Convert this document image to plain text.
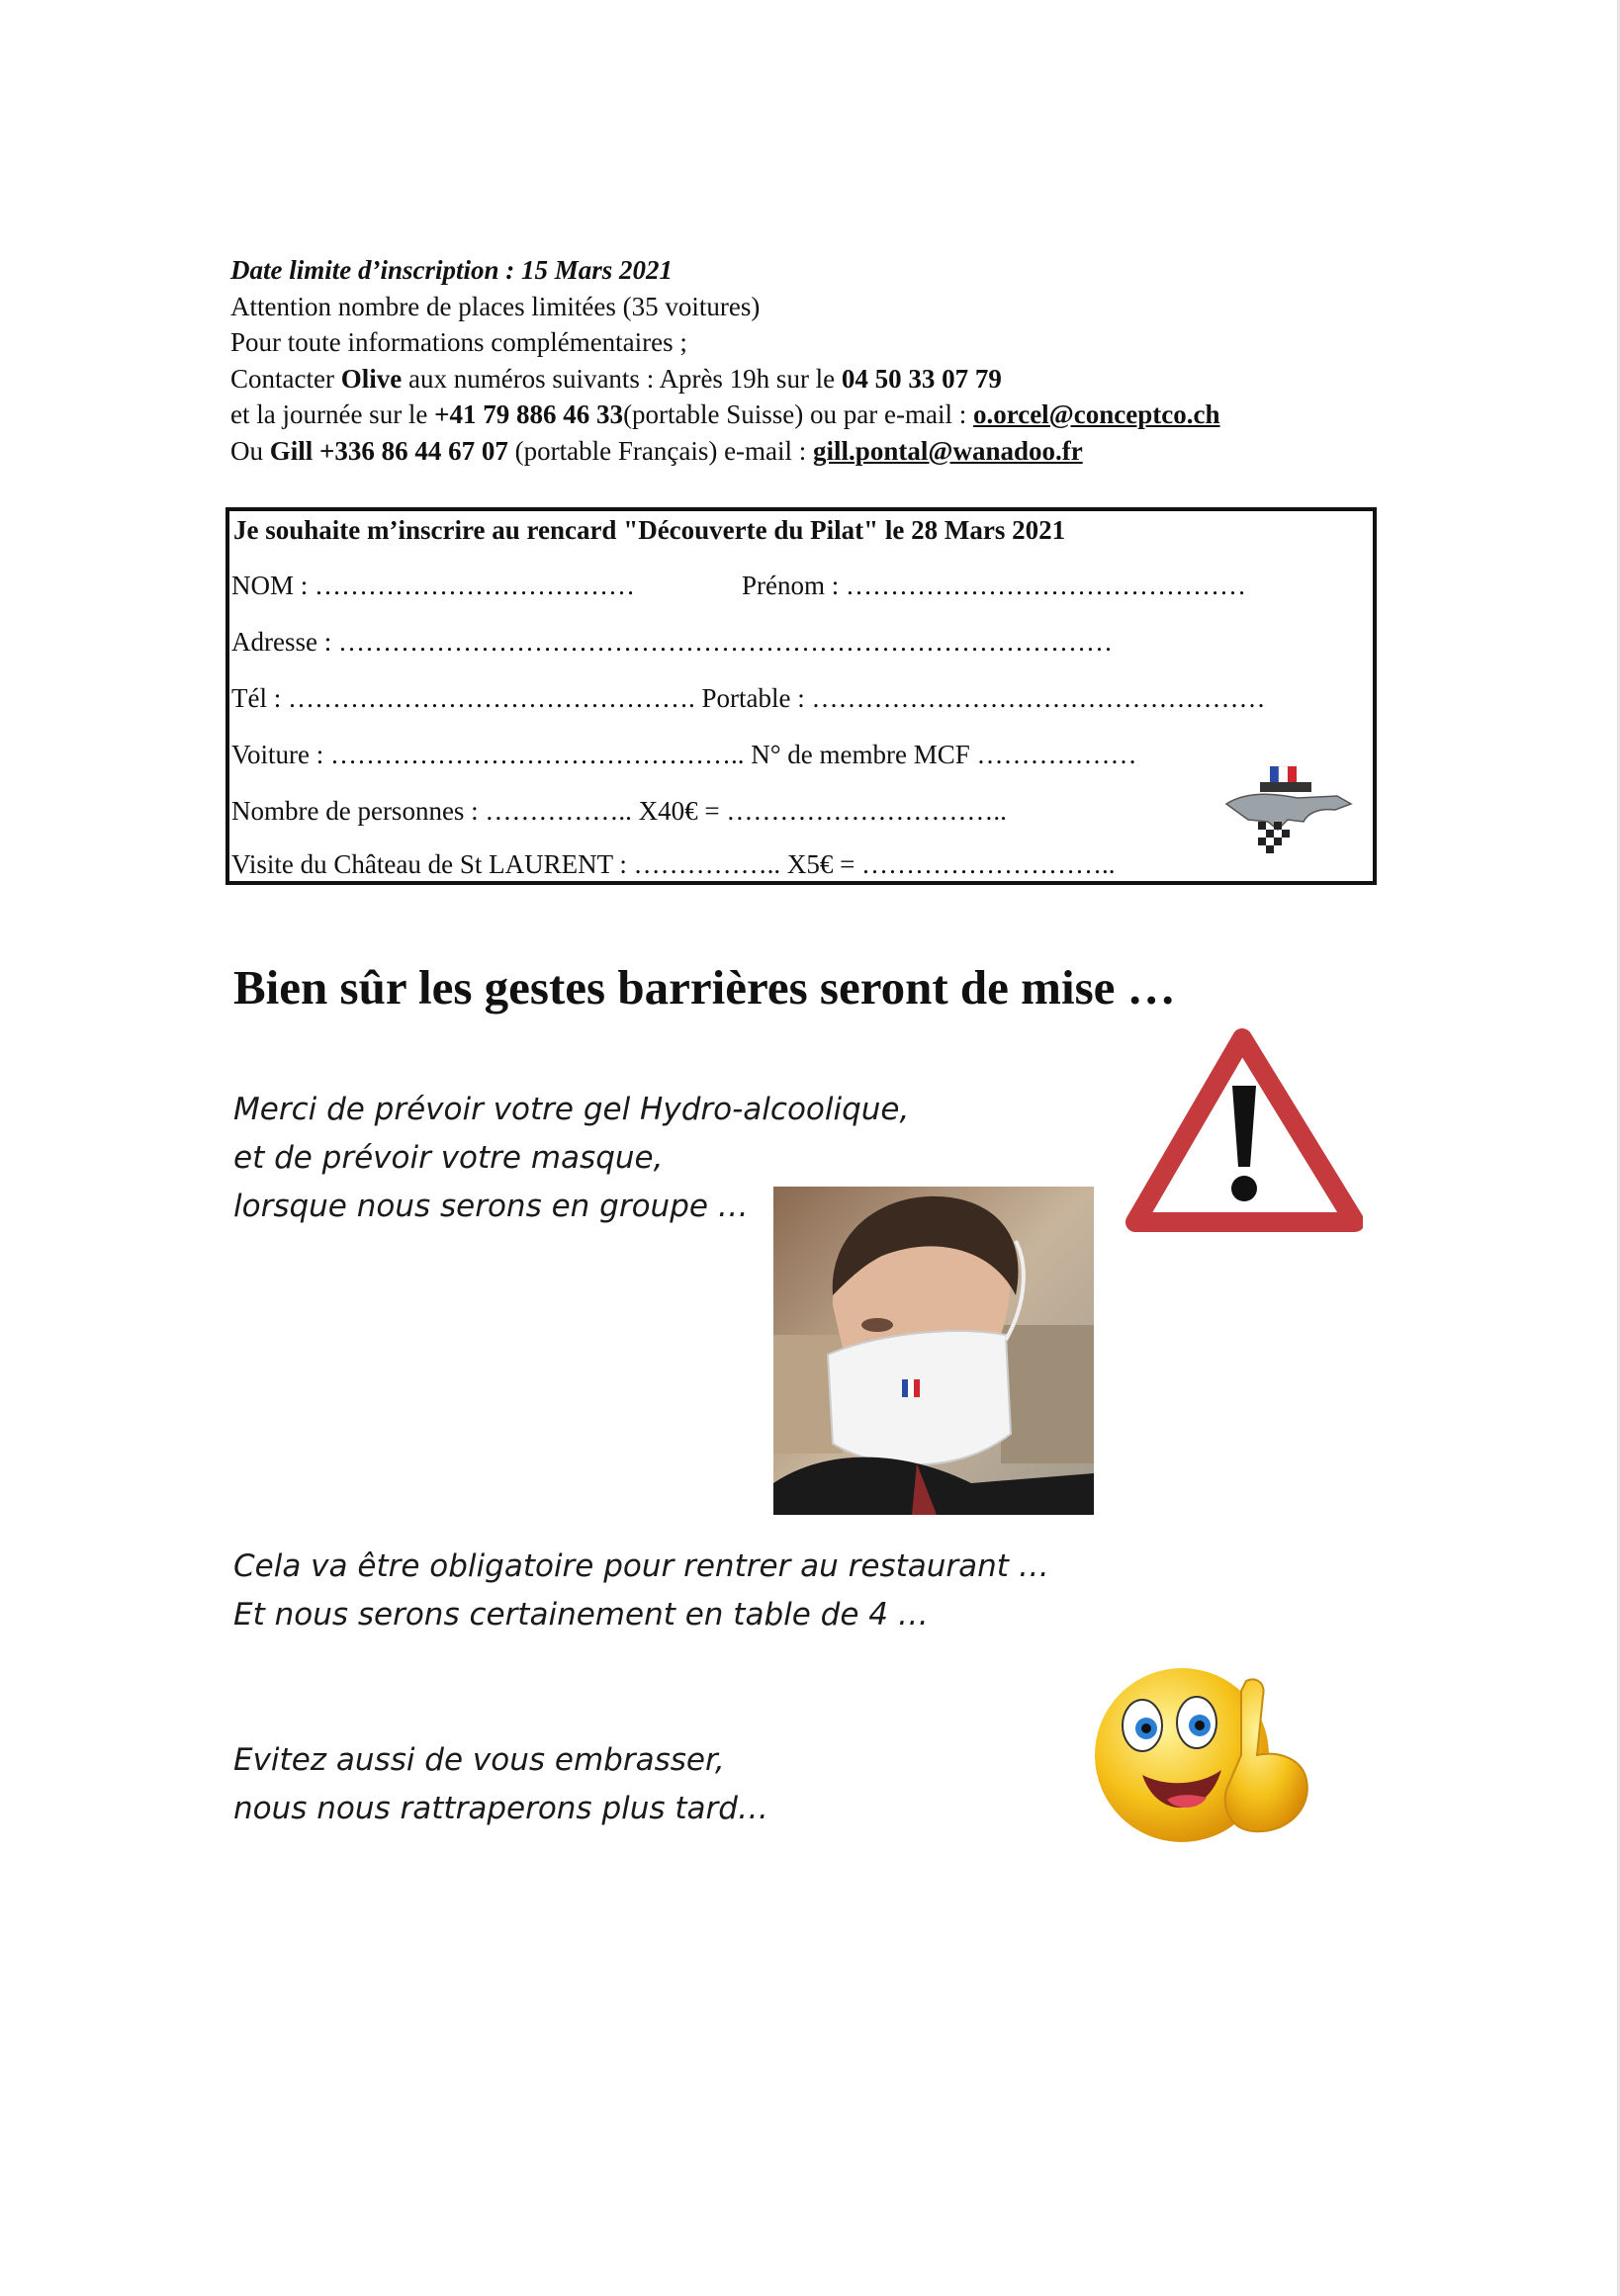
Date limite d’inscription : 15 Mars 2021
Attention nombre de places limitées (35 voitures)
Pour toute informations complémentaires ;
Contacter Olive aux numéros suivants : Après 19h sur le 04 50 33 07 79
et la journée sur le +41 79 886 46 33(portable Suisse) ou par e-mail : o.orcel@conceptco.ch
Ou Gill +336 86 44 67 07 (portable Français) e-mail : gill.pontal@wanadoo.fr
Je souhaite m’inscrire au rencard "Découverte du Pilat" le 28 Mars 2021
NOM : ………………………………	Prénom : ………………………………………
Adresse : ……………………………………………………………………………
Tél : ………………………………………. Portable : ……………………………………………
Voiture : ……………………………………….. N° de membre MCF ………………
Nombre de personnes : …………….. X40€ = …………………………..
Visite du Château de St LAURENT : …………….. X5€ = ………………………..
Bien sûr les gestes barrières seront de mise …
Merci de prévoir votre gel Hydro-alcoolique,
et de prévoir votre masque,
lorsque nous serons en groupe …
Cela va être obligatoire pour rentrer au restaurant …
Et nous serons certainement en table de 4 …
Evitez aussi de vous embrasser,
nous nous rattraperons plus tard…
